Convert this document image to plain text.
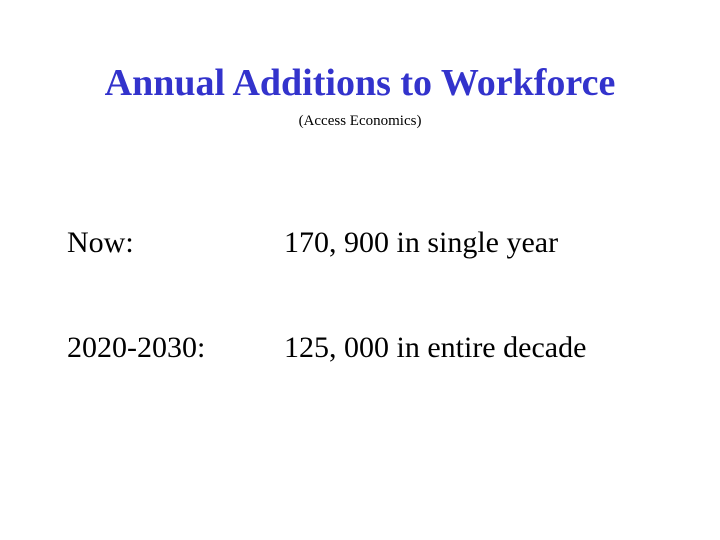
Annual Additions to Workforce
(Access Economics)
Now:	170, 900 in single year
2020-2030:	125, 000 in entire decade
